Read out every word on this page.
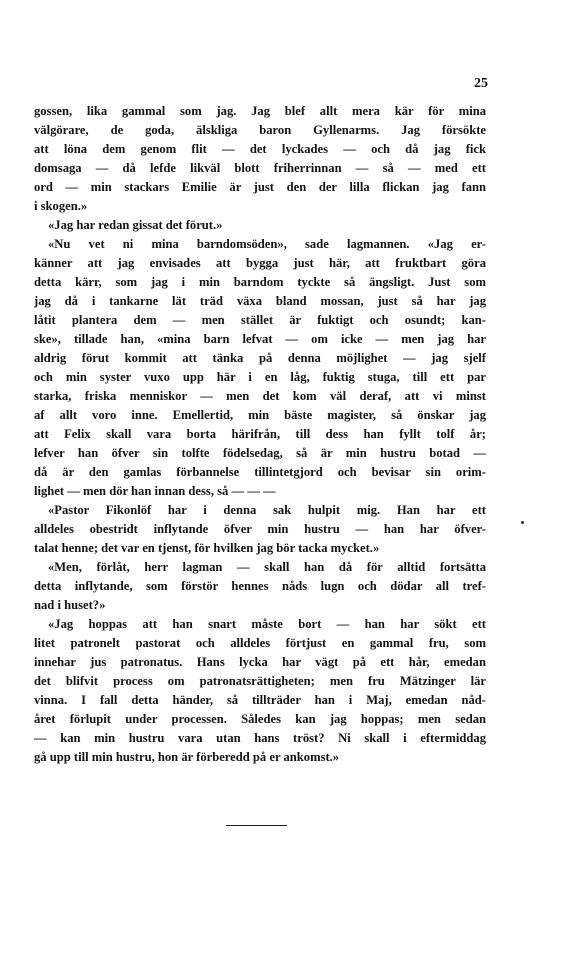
25
gossen, lika gammal som jag. Jag blef allt mera kär för mina
välgörare, de goda, älskliga baron Gyllenarms. Jag försökte
att löna dem genom flit — det lyckades — och då jag fick
domsaga — då lefde likväl blott friherrinnan — så — med ett
ord — min stackars Emilie är just den der lilla flickan jag fann
i skogen.»
«Jag har redan gissat det förut.»
«Nu vet ni mina barndomsöden», sade lagmannen. «Jag er-
känner att jag envisades att bygga just här, att fruktbart göra
detta kärr, som jag i min barndom tyckte så ängsligt. Just som
jag då i tankarne lät träd växa bland mossan, just så har jag
låtit plantera dem — men stället är fuktigt och osundt; kan-
ske», tillade han, «mina barn lefvat — om icke — men jag har
aldrig förut kommit att tänka på denna möjlighet — jag sjelf
och min syster vuxo upp här i en låg, fuktig stuga, till ett par
starka, friska menniskor — men det kom väl deraf, att vi minst
af allt voro inne. Emellertid, min bäste magister, så önskar jag
att Felix skall vara borta härifrån, till dess han fyllt tolf år;
lefver han öfver sin tolfte födelsedag, så är min hustru botad —
då är den gamlas förbannelse tillintetgjord och bevisar sin orim-
lighet — men dör han innan dess, så — — —
«Pastor Fikonlöf har i denna sak hulpit mig. Han har ett
alldeles obestridt inflytande öfver min hustru — han har öfver-
talat henne; det var en tjenst, för hvilken jag bör tacka mycket.»
«Men, förlåt, herr lagman — skall han då för alltid fortsätta
detta inflytande, som förstör hennes nåds lugn och dödar all tref-
nad i huset?»
«Jag hoppas att han snart måste bort — han har sökt ett
litet patronelt pastorat och alldeles förtjust en gammal fru, som
innehar jus patronatus. Hans lycka har vägt på ett hår, emedan
det blifvit process om patronatsrättigheten; men fru Mätzinger lär
vinna. I fall detta händer, så tillträder han i Maj, emedan nåd-
året förlupit under processen. Således kan jag hoppas; men sedan
— kan min hustru vara utan hans tröst? Ni skall i eftermiddag
gå upp till min hustru, hon är förberedd på er ankomst.»
